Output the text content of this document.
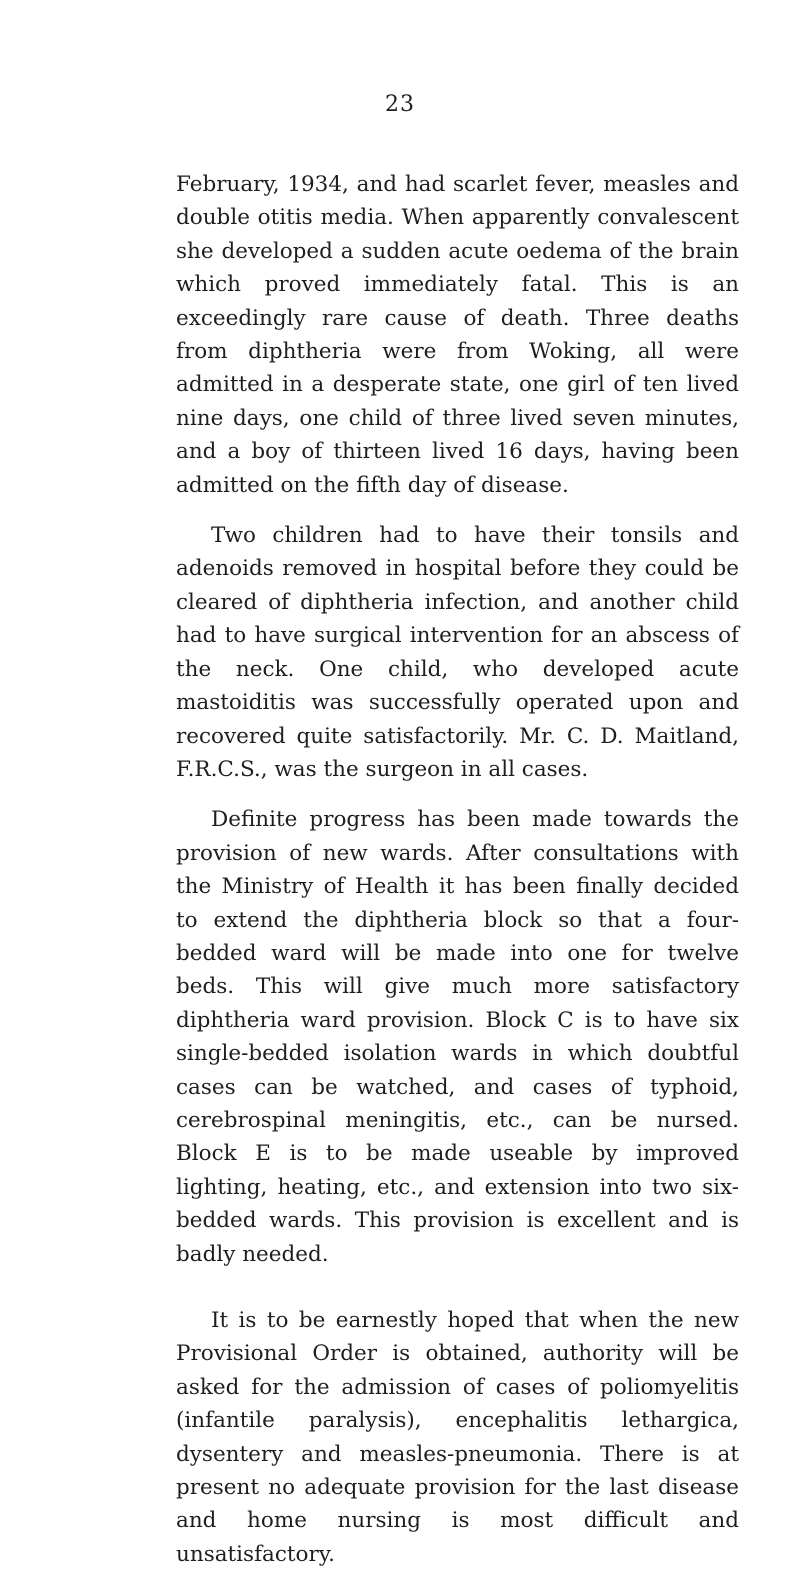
23

February, 1934, and had scarlet fever, measles and double otitis media. When apparently convalescent she developed a sudden acute oedema of the brain which proved immediately fatal. This is an exceedingly rare cause of death. Three deaths from diphtheria were from Woking, all were admitted in a desperate state, one girl of ten lived nine days, one child of three lived seven minutes, and a boy of thirteen lived 16 days, having been admitted on the fifth day of disease.

Two children had to have their tonsils and adenoids removed in hospital before they could be cleared of diphtheria infection, and another child had to have surgical intervention for an abscess of the neck. One child, who developed acute mastoiditis was successfully operated upon and recovered quite satisfactorily. Mr. C. D. Maitland, F.R.C.S., was the surgeon in all cases.

Definite progress has been made towards the provision of new wards. After consultations with the Ministry of Health it has been finally decided to extend the diphtheria block so that a four-bedded ward will be made into one for twelve beds. This will give much more satisfactory diphtheria ward provision. Block C is to have six single-bedded isolation wards in which doubtful cases can be watched, and cases of typhoid, cerebrospinal meningitis, etc., can be nursed. Block E is to be made useable by improved lighting, heating, etc., and extension into two six-bedded wards. This provision is excellent and is badly needed.

It is to be earnestly hoped that when the new Provisional Order is obtained, authority will be asked for the admission of cases of poliomyelitis (infantile paralysis), encephalitis lethargica, dysentery and measles-pneumonia. There is at present no adequate provision for the last disease and home nursing is most difficult and unsatisfactory.
